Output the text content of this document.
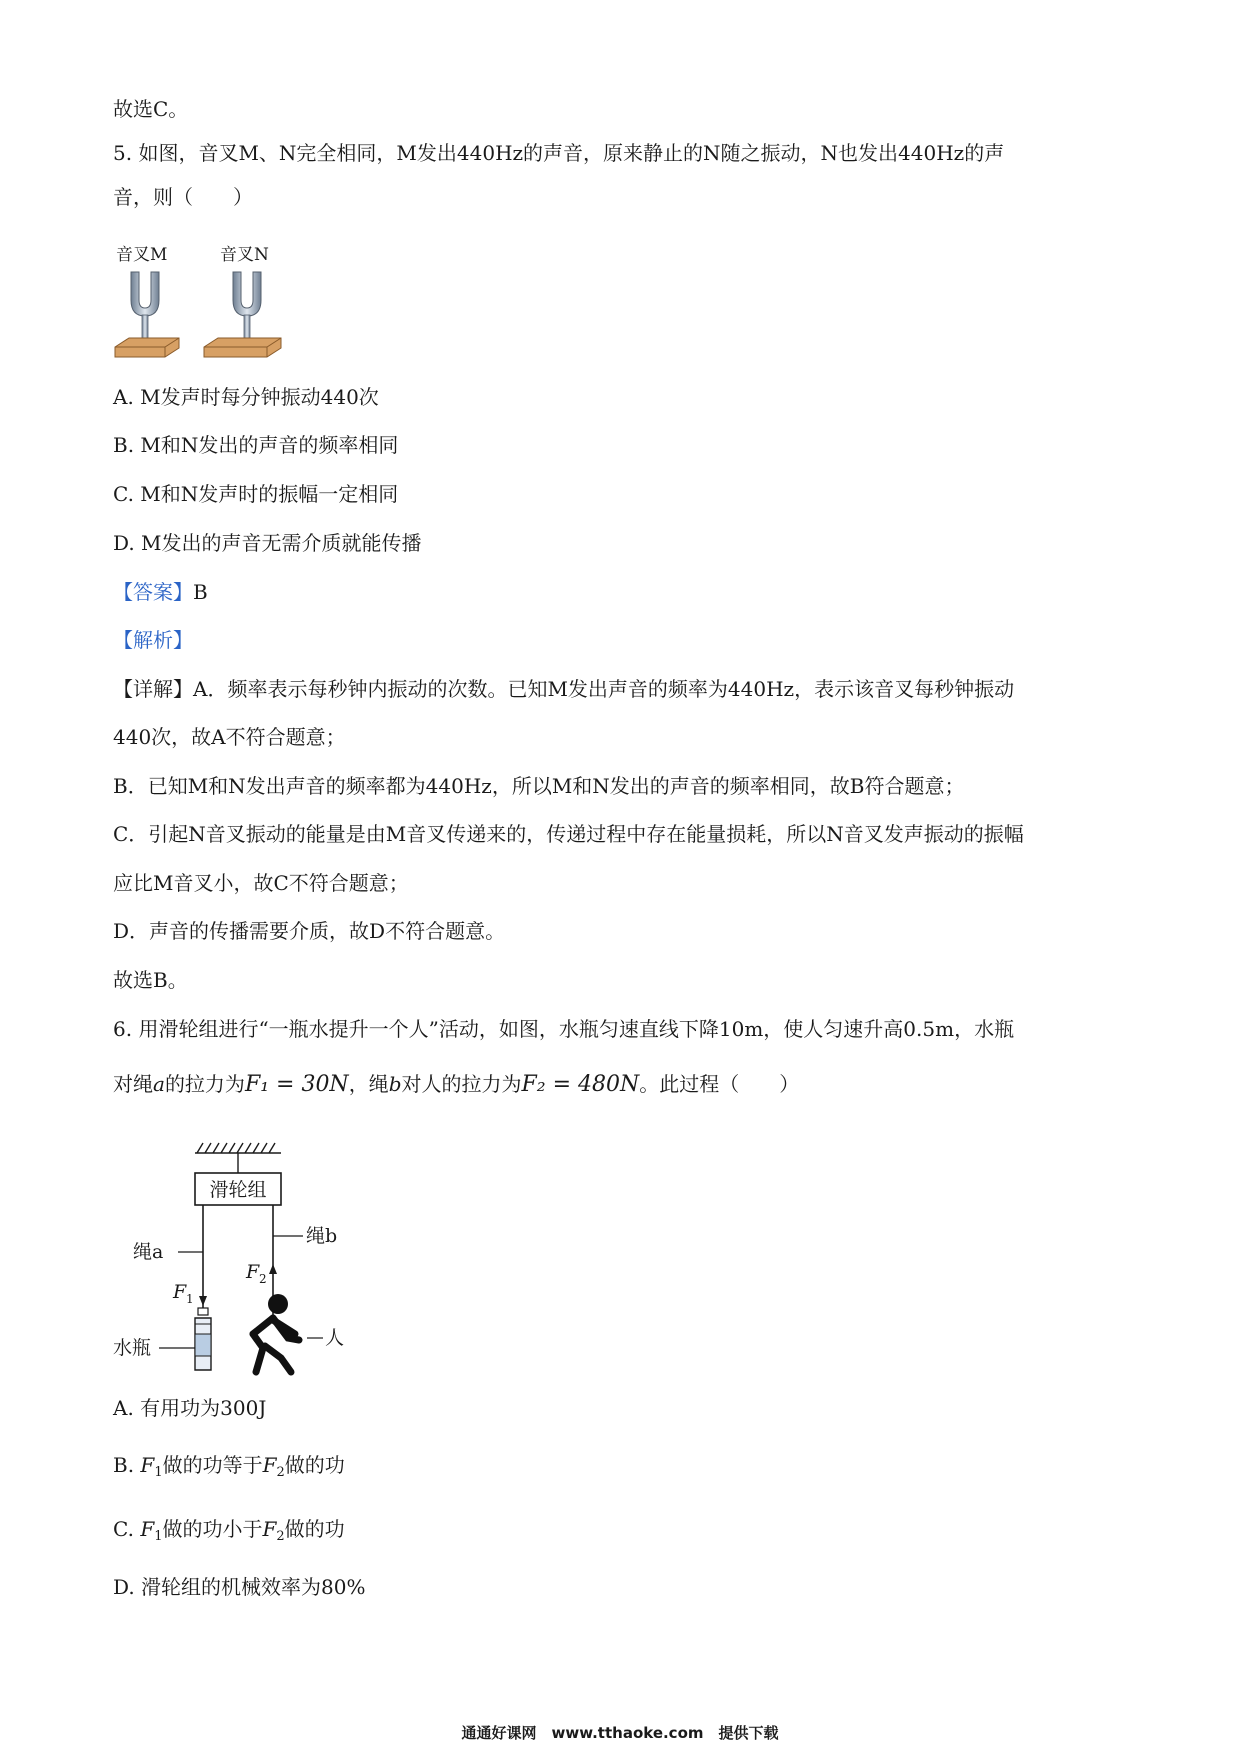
故选C。
5. 如图，音叉M、N完全相同，M发出440Hz的声音，原来静止的N随之振动，N也发出440Hz的声
音，则（　　）
音叉M	音叉N
A. M发声时每分钟振动440次
B. M和N发出的声音的频率相同
C. M和N发声时的振幅一定相同
D. M发出的声音无需介质就能传播
【答案】B
【解析】
【详解】A．频率表示每秒钟内振动的次数。已知M发出声音的频率为440Hz，表示该音叉每秒钟振动
440次，故A不符合题意；
B．已知M和N发出声音的频率都为440Hz，所以M和N发出的声音的频率相同，故B符合题意；
C．引起N音叉振动的能量是由M音叉传递来的，传递过程中存在能量损耗，所以N音叉发声振动的振幅
应比M音叉小，故C不符合题意；
D．声音的传播需要介质，故D不符合题意。
故选B。
6. 用滑轮组进行“一瓶水提升一个人”活动，如图，水瓶匀速直线下降10m，使人匀速升高0.5m，水瓶
对绳a的拉力为F₁ = 30N，绳b对人的拉力为F₂ = 480N。此过程（　　）
滑轮组
绳a
F 1
水瓶
绳b
F 2
人
A. 有用功为300J
B. $F_1$做的功等于$F_2$做的功
C. $F_1$做的功小于$F_2$做的功
D. 滑轮组的机械效率为80%
通通好课网　www.tthaoke.com　提供下载
